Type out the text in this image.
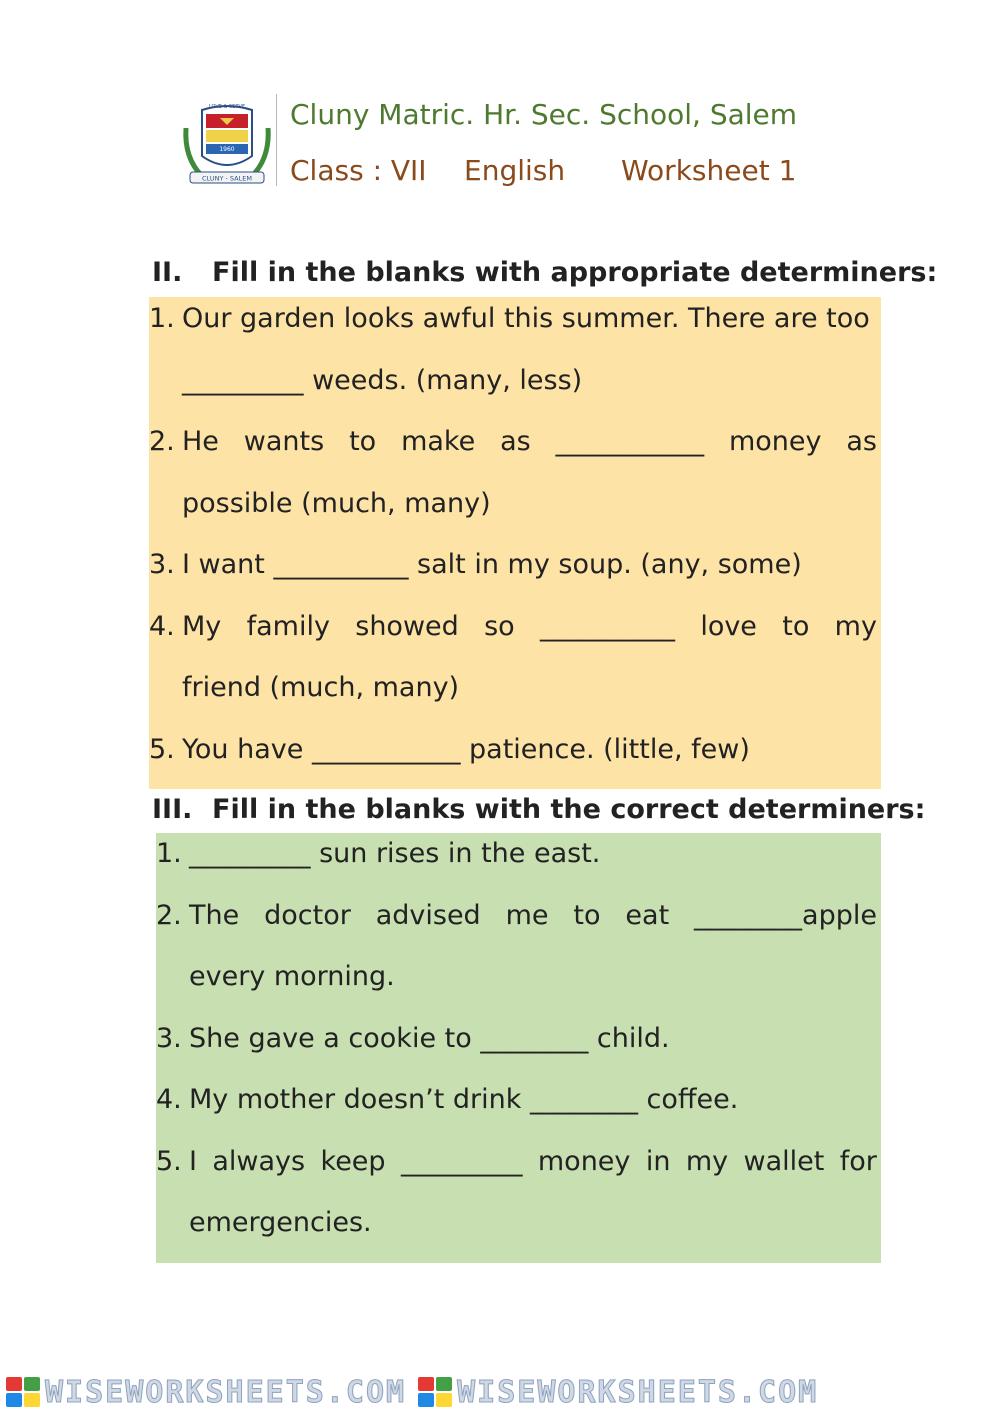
1960
LOVE & SERVE
CLUNY - SALEM
Cluny Matric. Hr. Sec. School, Salem
Class : VII English Worksheet 1
II. Fill in the blanks with appropriate determiners:
1. Our garden looks awful this summer. There are too
_________ weeds. (many, less)
2. He wants to make as ___________ money as
possible (much, many)
3. I want __________ salt in my soup. (any, some)
4. My family showed so __________ love to my
friend (much, many)
5. You have ___________ patience. (little, few)
III. Fill in the blanks with the correct determiners:
1. _________ sun rises in the east.
2. The doctor advised me to eat ________apple
every morning.
3. She gave a cookie to ________ child.
4. My mother doesn’t drink ________ coffee.
5. I always keep _________ money in my wallet for
emergencies.
WISEWORKSHEETS.COM WISEWORKSHEETS.COM
